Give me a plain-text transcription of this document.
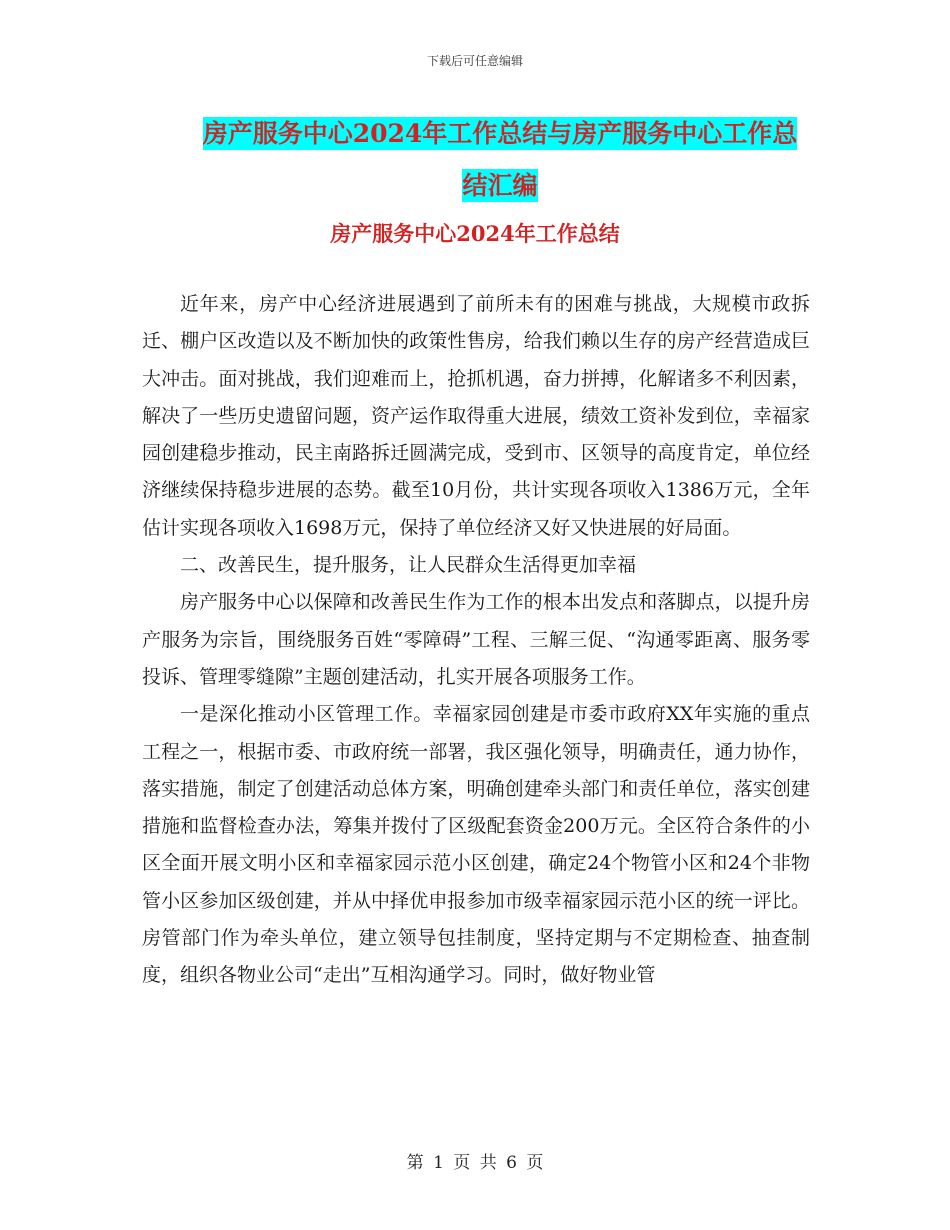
下载后可任意编辑
房产服务中心2024年工作总结与房产服务中心工作总
结汇编
房产服务中心2024年工作总结

近年来，房产中心经济进展遇到了前所未有的困难与挑战，大规模市政拆迁、棚户区改造以及不断加快的政策性售房，给我们赖以生存的房产经营造成巨大冲击。面对挑战，我们迎难而上，抢抓机遇，奋力拼搏，化解诸多不利因素，解决了一些历史遗留问题，资产运作取得重大进展，绩效工资补发到位，幸福家园创建稳步推动，民主南路拆迁圆满完成，受到市、区领导的高度肯定，单位经济继续保持稳步进展的态势。截至10月份，共计实现各项收入1386万元，全年估计实现各项收入1698万元，保持了单位经济又好又快进展的好局面。

二、改善民生，提升服务，让人民群众生活得更加幸福

房产服务中心以保障和改善民生作为工作的根本出发点和落脚点，以提升房产服务为宗旨，围绕服务百姓“零障碍”工程、三解三促、“沟通零距离、服务零投诉、管理零缝隙”主题创建活动，扎实开展各项服务工作。

一是深化推动小区管理工作。幸福家园创建是市委市政府XX年实施的重点工程之一，根据市委、市政府统一部署，我区强化领导，明确责任，通力协作，落实措施，制定了创建活动总体方案，明确创建牵头部门和责任单位，落实创建措施和监督检查办法，筹集并拨付了区级配套资金200万元。全区符合条件的小区全面开展文明小区和幸福家园示范小区创建，确定24个物管小区和24个非物管小区参加区级创建，并从中择优申报参加市级幸福家园示范小区的统一评比。房管部门作为牵头单位，建立领导包挂制度，坚持定期与不定期检查、抽查制度，组织各物业公司“走出”互相沟通学习。同时，做好物业管

第 1 页 共 6 页
